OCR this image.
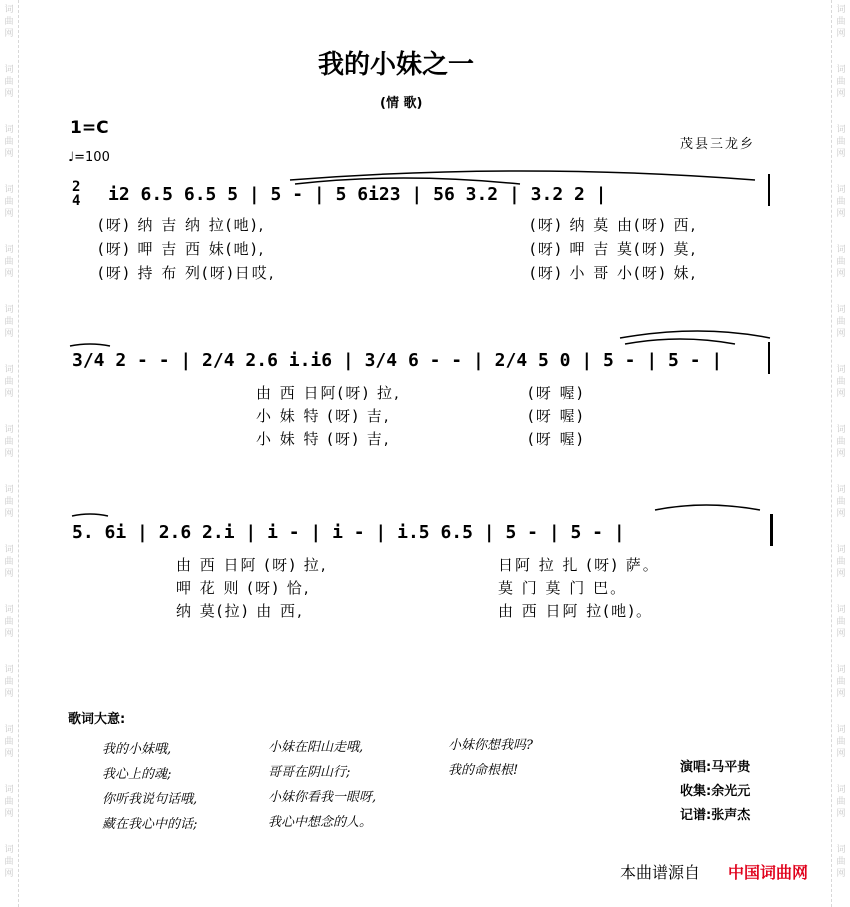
词
曲
网
词
曲
网
词
曲
网
词
曲
网
词
曲
网
词
曲
网
词
曲
网
词
曲
网
词
曲
网
词
曲
网
词
曲
网
词
曲
网
词
曲
网
词
曲
网
词
曲
网
词
曲
网
词
曲
网
词
曲
网
词
曲
网
词
曲
网
词
曲
网
词
曲
网
词
曲
网
词
曲
网
词
曲
网
词
曲
网
词
曲
网
词
曲
网
词
曲
网
词
曲
网
我的小妹之一
(情 歌)
1=C
♩=100
茂县三龙乡
2
4 i2 6.5 6.5 5 | 5 - | 5 6i23 | 56 3.2 | 3.2 2 |
(呀) 纳 吉 纳 拉(吔),	(呀) 纳 莫 由(呀) 西,
(呀) 呷 吉 西 妹(吔),	(呀) 呷 吉 莫(呀) 莫,
(呀) 持 布 列(呀)日哎,	(呀) 小 哥 小(呀) 妹,
3/4 2 - - | 2/4 2.6 i.i6 | 3/4 6 - - | 2/4 5 0 | 5 - | 5 - |
由 西 日阿(呀) 拉,	(呀 喔)
小 妹 特 (呀) 吉,	(呀 喔)
小 妹 特 (呀) 吉,	(呀 喔)
5. 6i | 2.6 2.i | i - | i - | i.5 6.5 | 5 - | 5 - |
由 西 日阿 (呀) 拉,	日阿 拉 扎 (呀) 萨。
呷 花 则 (呀) 恰,	莫 门 莫 门 巴。
纳 莫(拉) 由 西,	由 西 日阿 拉(吔)。
歌词大意:
我的小妹哦,
我心上的魂;
你听我说句话哦,
藏在我心中的话;
小妹在阳山走哦,
哥哥在阴山行;
小妹你看我一眼呀,
我心中想念的人。
小妹你想我吗?
我的命根根!	演唱:马平贵
收集:余光元
记谱:张声杰
本曲谱源自 中国词曲网
